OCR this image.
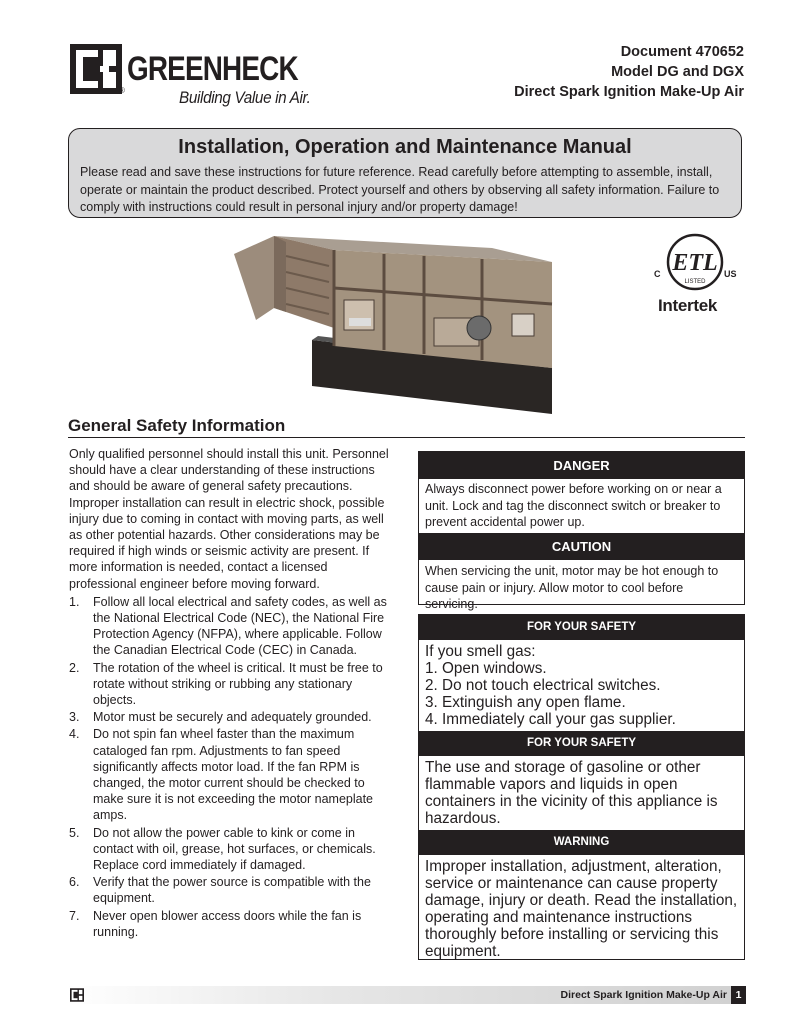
GREENHECK
®	Building Value in Air.
Document 470652
Model DG and DGX
Direct Spark Ignition Make-Up Air
Installation, Operation and Maintenance Manual
Please read and save these instructions for future reference. Read carefully before attempting to assemble, install, operate or maintain the product described. Protect yourself and others by observing all safety information. Failure to comply with instructions could result in personal injury and/or property damage!
ETL
LISTED
C	US
Intertek
General Safety Information

Only qualified personnel should install this unit. Personnel should have a clear understanding of these instructions and should be aware of general safety precautions. Improper installation can result in electric shock, possible injury due to coming in contact with moving parts, as well as other potential hazards. Other considerations may be required if high winds or seismic activity are present. If more information is needed, contact a licensed professional engineer before moving forward.

1. Follow all local electrical and safety codes, as well as the National Electrical Code (NEC), the National Fire Protection Agency (NFPA), where applicable. Follow the Canadian Electrical Code (CEC) in Canada.
2. The rotation of the wheel is critical. It must be free to rotate without striking or rubbing any stationary objects.
3. Motor must be securely and adequately grounded.
4. Do not spin fan wheel faster than the maximum cataloged fan rpm. Adjustments to fan speed significantly affects motor load. If the fan RPM is changed, the motor current should be checked to make sure it is not exceeding the motor nameplate amps.
5. Do not allow the power cable to kink or come in contact with oil, grease, hot surfaces, or chemicals. Replace cord immediately if damaged.
6. Verify that the power source is compatible with the equipment.
7. Never open blower access doors while the fan is running.
DANGER
Always disconnect power before working on or near a unit. Lock and tag the disconnect switch or breaker to prevent accidental power up.
CAUTION
When servicing the unit, motor may be hot enough to cause pain or injury. Allow motor to cool before servicing.
FOR YOUR SAFETY
If you smell gas:
1. Open windows.
2. Do not touch electrical switches.
3. Extinguish any open flame.
4. Immediately call your gas supplier.
FOR YOUR SAFETY
The use and storage of gasoline or other flammable vapors and liquids in open containers in the vicinity of this appliance is hazardous.
WARNING
Improper installation, adjustment, alteration, service or maintenance can cause property damage, injury or death. Read the installation, operating and maintenance instructions thoroughly before installing or servicing this equipment.
Direct Spark Ignition Make-Up Air 1
